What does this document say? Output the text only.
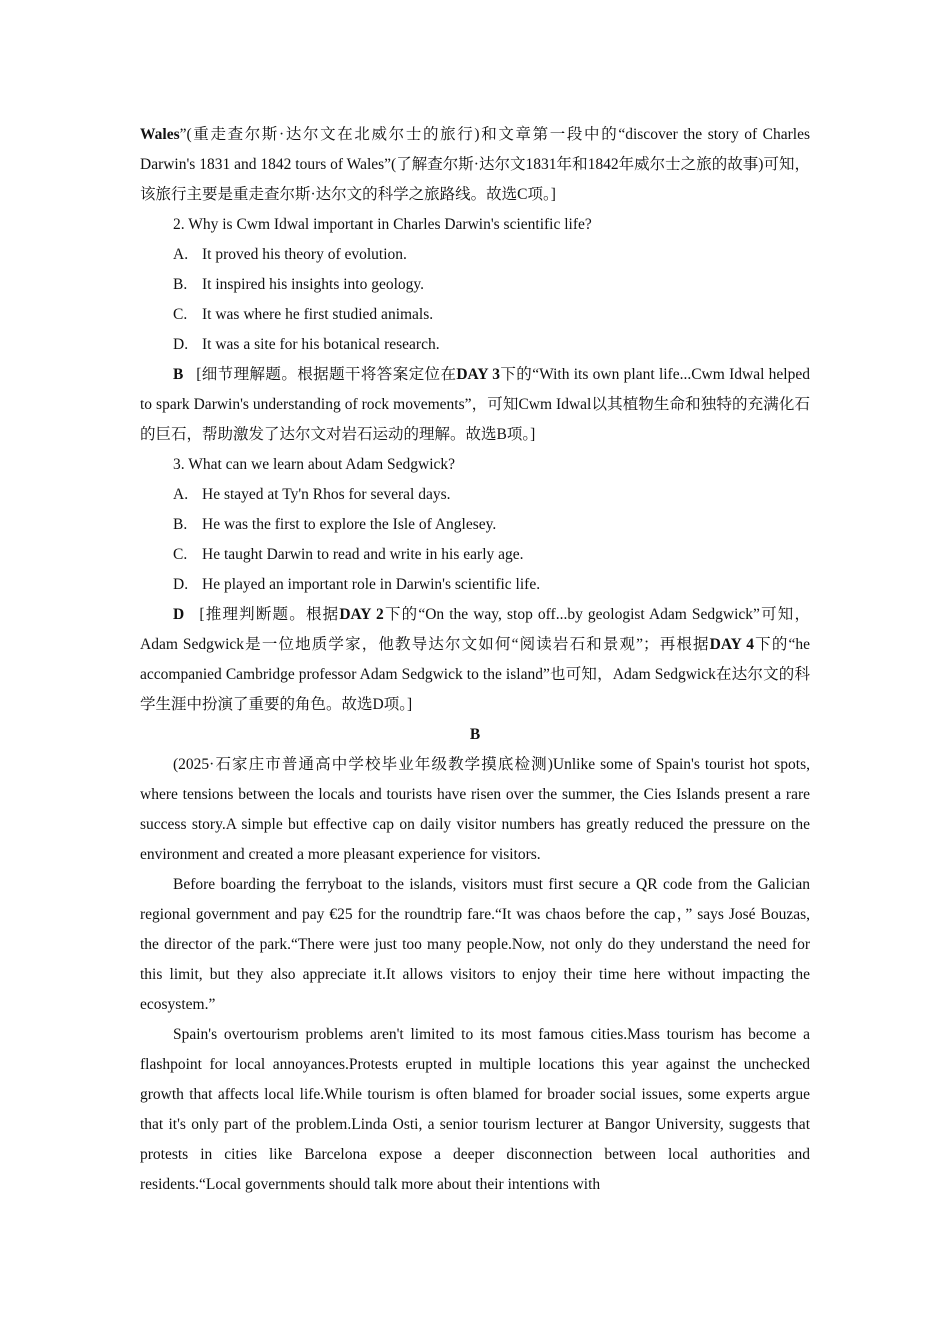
Wales”(重走查尔斯·达尔文在北威尔士的旅行)和文章第一段中的“discover the story of Charles Darwin's 1831 and 1842 tours of Wales”(了解查尔斯·达尔文1831年和1842年威尔士之旅的故事)可知，该旅行主要是重走查尔斯·达尔文的科学之旅路线。故选C项。]

2. Why is Cwm Idwal important in Charles Darwin's scientific life?

A. It proved his theory of evolution.

B. It inspired his insights into geology.

C. It was where he first studied animals.

D. It was a site for his botanical research.

B [细节理解题。根据题干将答案定位在DAY 3下的“With its own plant life...Cwm Idwal helped to spark Darwin's understanding of rock movements”，可知Cwm Idwal以其植物生命和独特的充满化石的巨石，帮助激发了达尔文对岩石运动的理解。故选B项。]

3. What can we learn about Adam Sedgwick?

A. He stayed at Ty'n Rhos for several days.

B. He was the first to explore the Isle of Anglesey.

C. He taught Darwin to read and write in his early age.

D. He played an important role in Darwin's scientific life.

D [推理判断题。根据DAY 2下的“On the way, stop off...by geologist Adam Sedgwick”可知，Adam Sedgwick是一位地质学家，他教导达尔文如何“阅读岩石和景观”；再根据DAY 4下的“he accompanied Cambridge professor Adam Sedgwick to the island”也可知，Adam Sedgwick在达尔文的科学生涯中扮演了重要的角色。故选D项。]

B

(2025·石家庄市普通高中学校毕业年级教学摸底检测)Unlike some of Spain's tourist hot spots, where tensions between the locals and tourists have risen over the summer, the Cies Islands present a rare success story.A simple but effective cap on daily visitor numbers has greatly reduced the pressure on the environment and created a more pleasant experience for visitors.

Before boarding the ferryboat to the islands, visitors must first secure a QR code from the Galician regional government and pay €25 for the roundtrip fare.“It was chaos before the cap，” says José Bouzas, the director of the park.“There were just too many people.Now, not only do they understand the need for this limit, but they also appreciate it.It allows visitors to enjoy their time here without impacting the ecosystem.”

Spain's overtourism problems aren't limited to its most famous cities.Mass tourism has become a flashpoint for local annoyances.Protests erupted in multiple locations this year against the unchecked growth that affects local life.While tourism is often blamed for broader social issues, some experts argue that it's only part of the problem.Linda Osti, a senior tourism lecturer at Bangor University, suggests that protests in cities like Barcelona expose a deeper disconnection between local authorities and residents.“Local governments should talk more about their intentions with
